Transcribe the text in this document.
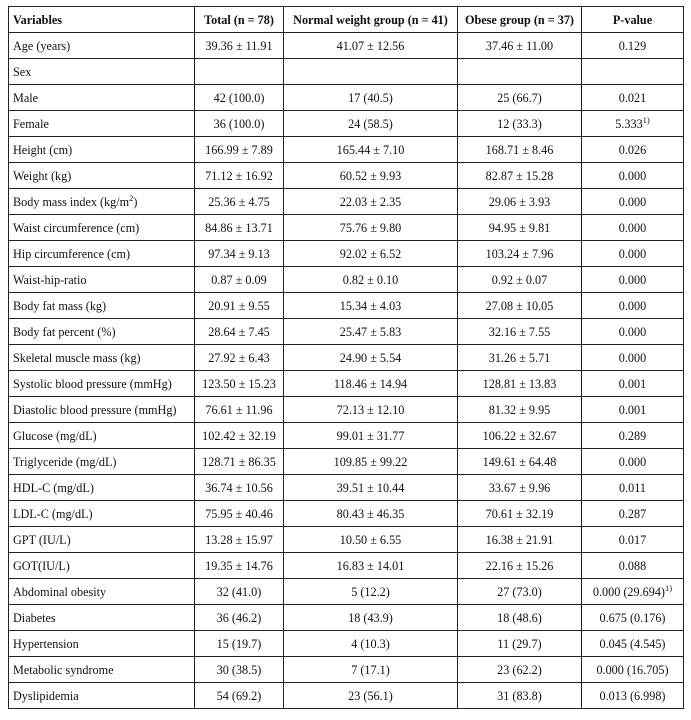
Variables	Total (n = 78)	Normal weight group (n = 41)	Obese group (n = 37)	P-value
Age (years)	39.36 ± 11.91	41.07 ± 12.56	37.46 ± 11.00	0.129
Sex				
Male	42 (100.0)	17 (40.5)	25 (66.7)	0.021
Female	36 (100.0)	24 (58.5)	12 (33.3)	5.333$^{1)}$
Height (cm)	166.99 ± 7.89	165.44 ± 7.10	168.71 ± 8.46	0.026
Weight (kg)	71.12 ± 16.92	60.52 ± 9.93	82.87 ± 15.28	0.000
Body mass index $(kg/m^2)$	25.36 ± 4.75	22.03 ± 2.35	29.06 ± 3.93	0.000
Waist circumference (cm)	84.86 ± 13.71	75.76 ± 9.80	94.95 ± 9.81	0.000
Hip circumference (cm)	97.34 ± 9.13	92.02 ± 6.52	103.24 ± 7.96	0.000
Waist-hip-ratio	0.87 ± 0.09	0.82 ± 0.10	0.92 ± 0.07	0.000
Body fat mass (kg)	20.91 ± 9.55	15.34 ± 4.03	27.08 ± 10.05	0.000
Body fat percent (%)	28.64 ± 7.45	25.47 ± 5.83	32.16 ± 7.55	0.000
Skeletal muscle mass (kg)	27.92 ± 6.43	24.90 ± 5.54	31.26 ± 5.71	0.000
Systolic blood pressure (mmHg)	123.50 ± 15.23	118.46 ± 14.94	128.81 ± 13.83	0.001
Diastolic blood pressure (mmHg)	76.61 ± 11.96	72.13 ± 12.10	81.32 ± 9.95	0.001
Glucose (mg/dL)	102.42 ± 32.19	99.01 ± 31.77	106.22 ± 32.67	0.289
Triglyceride (mg/dL)	128.71 ± 86.35	109.85 ± 99.22	149.61 ± 64.48	0.000
HDL-C (mg/dL)	36.74 ± 10.56	39.51 ± 10.44	33.67 ± 9.96	0.011
LDL-C (mg/dL)	75.95 ± 40.46	80.43 ± 46.35	70.61 ± 32.19	0.287
GPT (IU/L)	13.28 ± 15.97	10.50 ± 6.55	16.38 ± 21.91	0.017
GOT(IU/L)	19.35 ± 14.76	16.83 ± 14.01	22.16 ± 15.26	0.088
Abdominal obesity	32 (41.0)	5 (12.2)	27 (73.0)	0.000 $(29.694)^{1)}$
Diabetes	36 (46.2)	18 (43.9)	18 (48.6)	0.675 (0.176)
Hypertension	15 (19.7)	4 (10.3)	11 (29.7)	0.045 (4.545)
Metabolic syndrome	30 (38.5)	7 (17.1)	23 (62.2)	0.000 (16.705)
Dyslipidemia	54 (69.2)	23 (56.1)	31 (83.8)	0.013 (6.998)
